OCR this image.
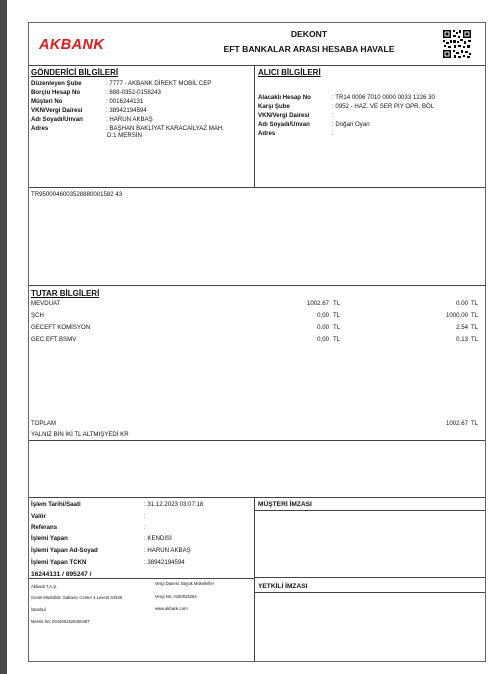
AKBANK
DEKONT
EFT BANKALAR ARASI HESABA HAVALE
GÖNDERİCİ BİLGİLERİ
Düzenleyen Şube	: 7777 - AKBANK DİREKT MOBİL CEP
Borçlu Hesap No	: 888-0352-0158243
Müşteri No	: 0016244131
VKN/Vergi Dairesi	: 38942194594
Adı Soyadı/Unvan	: HARUN AKBAŞ
Adres	: BAŞHAN BAKLİYAT KARACAİLYAZ MAH.
D:1 MERSİN
ALICI BİLGİLERİ
Alacaklı Hesap No	: TR14 0006 7010 0000 0033 1226 30
Karşı Şube	: 0952 - HAZ. VE SER PİY OPR. BÖL
VKN/Vergi Dairesi	:
Adı Soyadı/Unvan	: Doğan Oyan
Adres	:
TR9500046003528880001582 43
TUTAR BİLGİLERİ
MEVDUAT	1002.67 TL	0.00 TL
ŞCH	0.00 TL	1000.00 TL
GECEFT KOMİSYON	0.00 TL	2.54 TL
GEC EFT BSMV	0.00 TL	0.13 TL
TOPLAM	1002.67 TL
YALNIZ BİN İKİ TL ALTMIŞYEDİ KR
İşlem Tarihi/Saati	: 31.12.2023 03:07:18
Valör	:
Referans	:
İşlemi Yapan	: KENDİSİ
İşlemi Yapan Ad-Soyad	: HARUN AKBAŞ
İşlemi Yapan TCKN	: 38942194594
16244131 / 895247 /
Akbank T.A.Ş.
Genel Müdürlük: Sabancı Center 4.Levent 34330
İstanbul
Mersis No: 0015001526400497
Vergi Dairesi: Büyük Mükellefler
Vergi No: 0150015264
www.akbank.com
MÜŞTERİ İMZASI
YETKİLİ İMZASI
